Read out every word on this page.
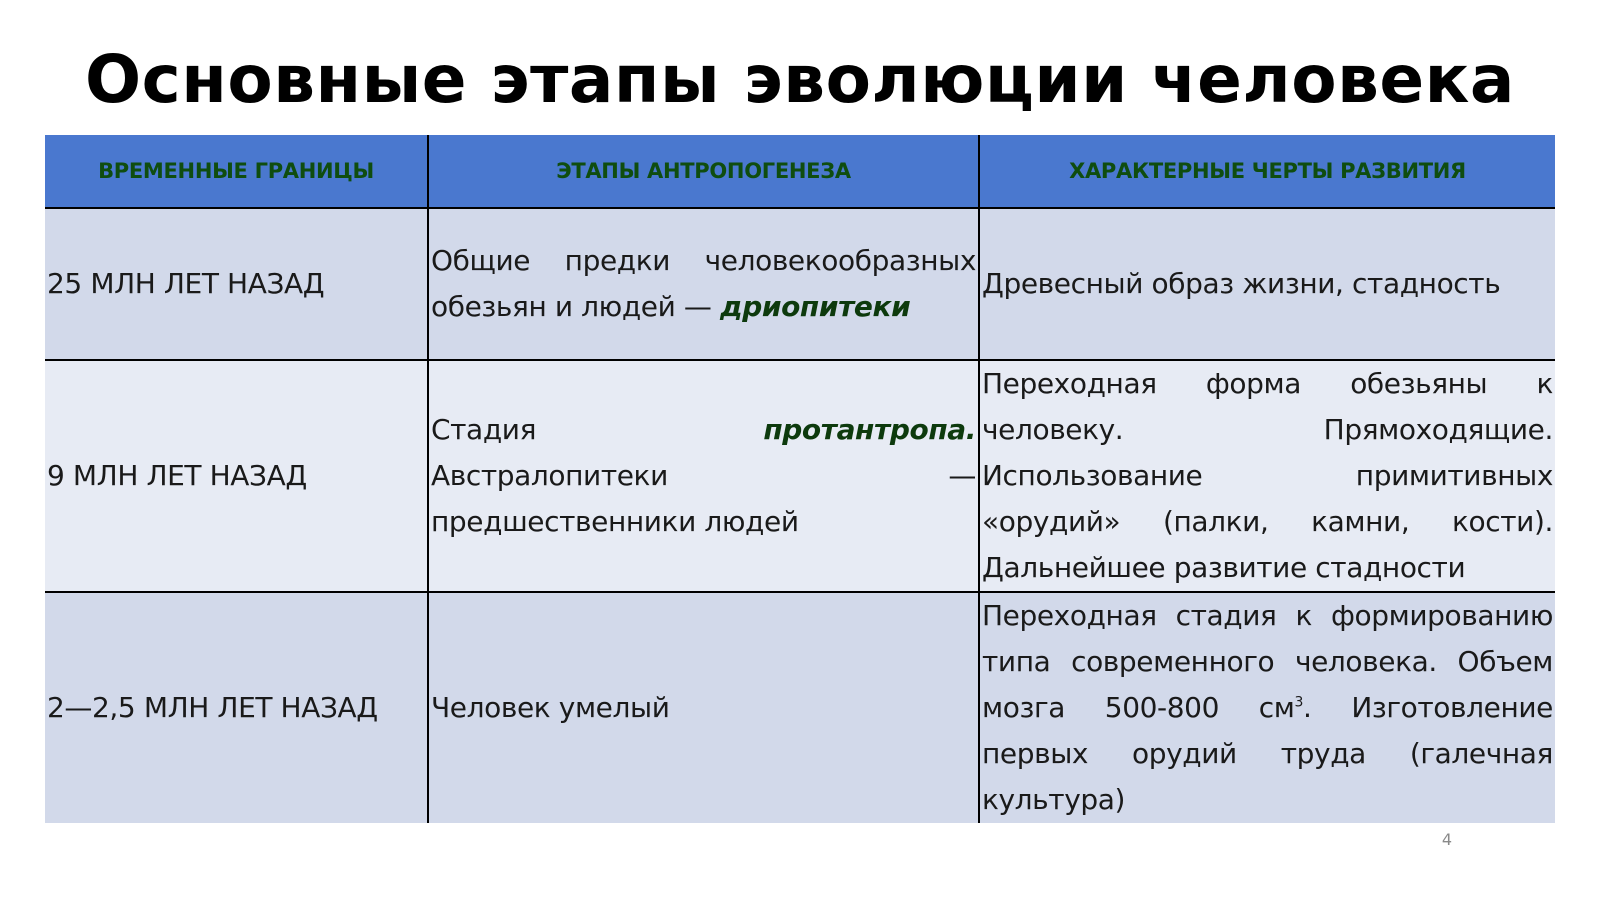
Основные этапы эволюции человека
ВРЕМЕННЫЕ ГРАНИЦЫ	ЭТАПЫ АНТРОПОГЕНЕЗА	ХАРАКТЕРНЫЕ ЧЕРТЫ РАЗВИТИЯ
25 МЛН ЛЕТ НАЗАД	Общие предки человекообразных обезьян и людей — дриопитеки	Древесный образ жизни, стадность
9 МЛН ЛЕТ НАЗАД	Стадия протантропа. Австралопитеки — предшественники людей	Переходная форма обезьяны к человеку. Прямоходящие. Использование примитивных «орудий» (палки, камни, кости). Дальнейшее развитие стадности
2—2,5 МЛН ЛЕТ НАЗАД	Человек умелый	Переходная стадия к формированию типа современного человека. Объем мозга 500-800 $см^3$. Изготовление первых орудий труда (галечная культура)
4
